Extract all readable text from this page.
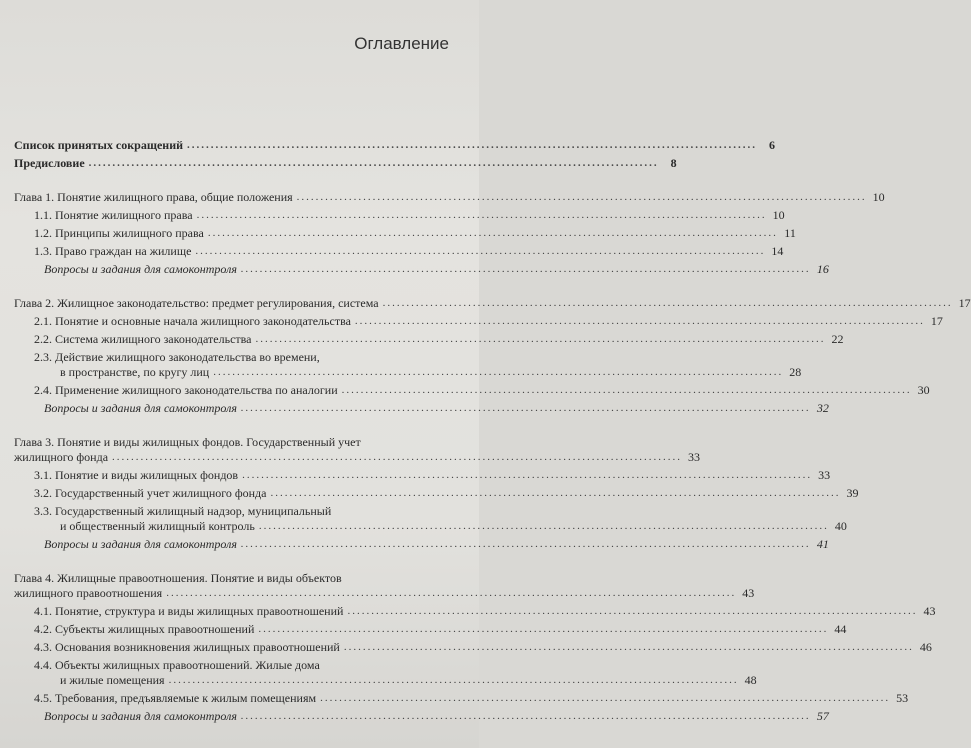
Оглавление
Список принятых сокращений ........................................................................................................................	6
Предисловие ........................................................................................................................	8
Глава 1. Понятие жилищного права, общие положения ........................................................................................................................ 10
1.1. Понятие жилищного права ........................................................................................................................ 10
1.2. Принципы жилищного права ........................................................................................................................ 11
1.3. Право граждан на жилище ........................................................................................................................ 14
Вопросы и задания для самоконтроля ........................................................................................................................ 16
Глава 2. Жилищное законодательство: предмет регулирования, система ........................................................................................................................ 17
2.1. Понятие и основные начала жилищного законодательства ........................................................................................................................ 17
2.2. Система жилищного законодательства ........................................................................................................................ 22
2.3. Действие жилищного законодательства во времени,
в пространстве, по кругу лиц ........................................................................................................................ 28
2.4. Применение жилищного законодательства по аналогии ........................................................................................................................ 30
Вопросы и задания для самоконтроля ........................................................................................................................ 32
Глава 3. Понятие и виды жилищных фондов. Государственный учет
жилищного фонда ........................................................................................................................ 33
3.1. Понятие и виды жилищных фондов ........................................................................................................................ 33
3.2. Государственный учет жилищного фонда ........................................................................................................................ 39
3.3. Государственный жилищный надзор, муниципальный
и общественный жилищный контроль ........................................................................................................................ 40
Вопросы и задания для самоконтроля ........................................................................................................................ 41
Глава 4. Жилищные правоотношения. Понятие и виды объектов
жилищного правоотношения ........................................................................................................................ 43
4.1. Понятие, структура и виды жилищных правоотношений ........................................................................................................................ 43
4.2. Субъекты жилищных правоотношений ........................................................................................................................ 44
4.3. Основания возникновения жилищных правоотношений ........................................................................................................................ 46
4.4. Объекты жилищных правоотношений. Жилые дома
и жилые помещения ........................................................................................................................ 48
4.5. Требования, предъявляемые к жилым помещениям ........................................................................................................................ 53
Вопросы и задания для самоконтроля ........................................................................................................................ 57
